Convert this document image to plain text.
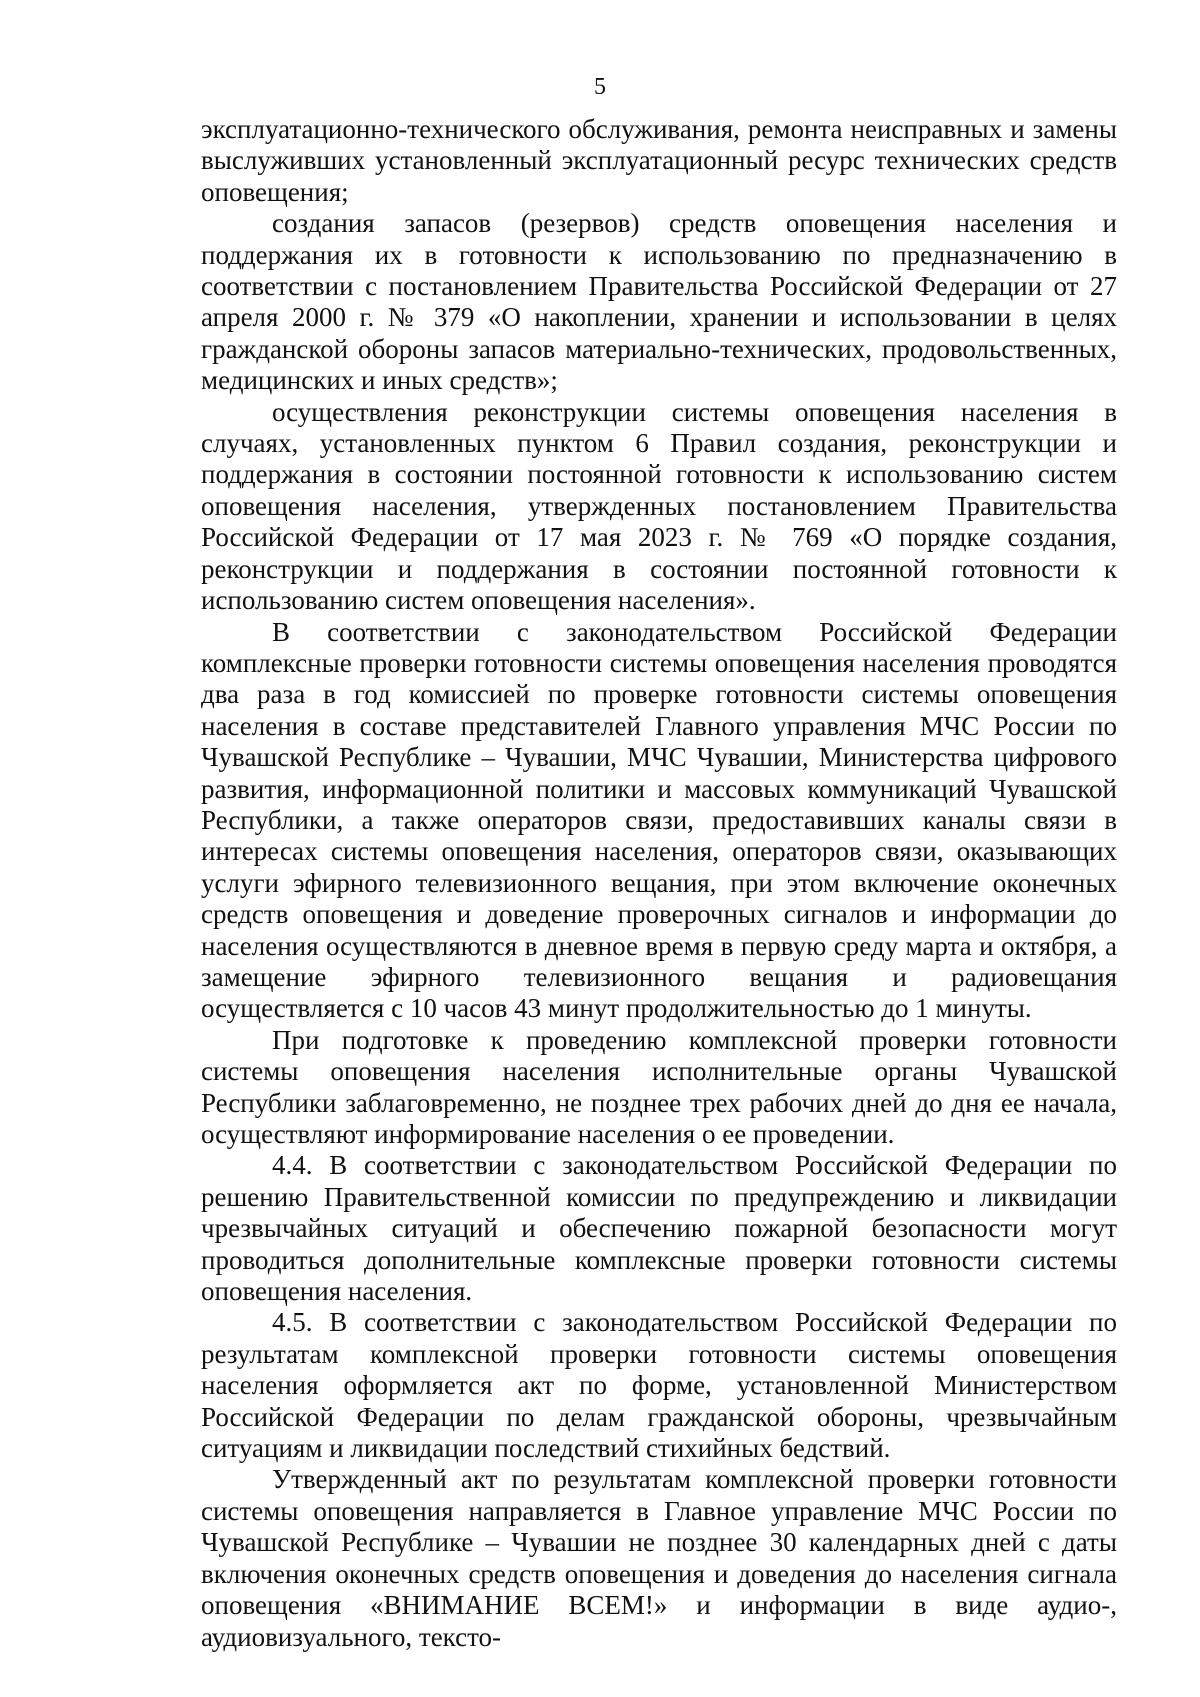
5

эксплуатационно-технического обслуживания, ремонта неисправных и замены выслуживших установленный эксплуатационный ресурс технических средств оповещения;

создания запасов (резервов) средств оповещения населения и поддержания их в готовности к использованию по предназначению в соответствии с постановлением Правительства Российской Федерации от 27 апреля 2000 г. № 379 «О накоплении, хранении и использовании в целях гражданской обороны запасов материально-технических, продовольственных, медицинских и иных средств»;

осуществления реконструкции системы оповещения населения в случаях, установленных пунктом 6 Правил создания, реконструкции и поддержания в состоянии постоянной готовности к использованию систем оповещения населения, утвержденных постановлением Правительства Российской Федерации от 17 мая 2023 г. № 769 «О порядке создания, реконструкции и поддержания в состоянии постоянной готовности к использованию систем оповещения населения».

В соответствии с законодательством Российской Федерации комплексные проверки готовности системы оповещения населения проводятся два раза в год комиссией по проверке готовности системы оповещения населения в составе представителей Главного управления МЧС России по Чувашской Республике – Чувашии, МЧС Чувашии, Министерства цифрового развития, информационной политики и массовых коммуникаций Чувашской Республики, а также операторов связи, предоставивших каналы связи в интересах системы оповещения населения, операторов связи, оказывающих услуги эфирного телевизионного вещания, при этом включение оконечных средств оповещения и доведение проверочных сигналов и информации до населения осуществляются в дневное время в первую среду марта и октября, а замещение эфирного телевизионного вещания и радиовещания осуществляется с 10 часов 43 минут продолжительностью до 1 минуты.

При подготовке к проведению комплексной проверки готовности системы оповещения населения исполнительные органы Чувашской Республики заблаговременно, не позднее трех рабочих дней до дня ее начала, осуществляют информирование населения о ее проведении.

4.4. В соответствии с законодательством Российской Федерации по решению Правительственной комиссии по предупреждению и ликвидации чрезвычайных ситуаций и обеспечению пожарной безопасности могут проводиться дополнительные комплексные проверки готовности системы оповещения населения.

4.5. В соответствии с законодательством Российской Федерации по результатам комплексной проверки готовности системы оповещения населения оформляется акт по форме, установленной Министерством Российской Федерации по делам гражданской обороны, чрезвычайным ситуациям и ликвидации последствий стихийных бедствий.

Утвержденный акт по результатам комплексной проверки готовности системы оповещения направляется в Главное управление МЧС России по Чувашской Республике – Чувашии не позднее 30 календарных дней с даты включения оконечных средств оповещения и доведения до населения сигнала оповещения «ВНИМАНИЕ ВСЕМ!» и информации в виде аудио-, аудиовизуального, тексто-
